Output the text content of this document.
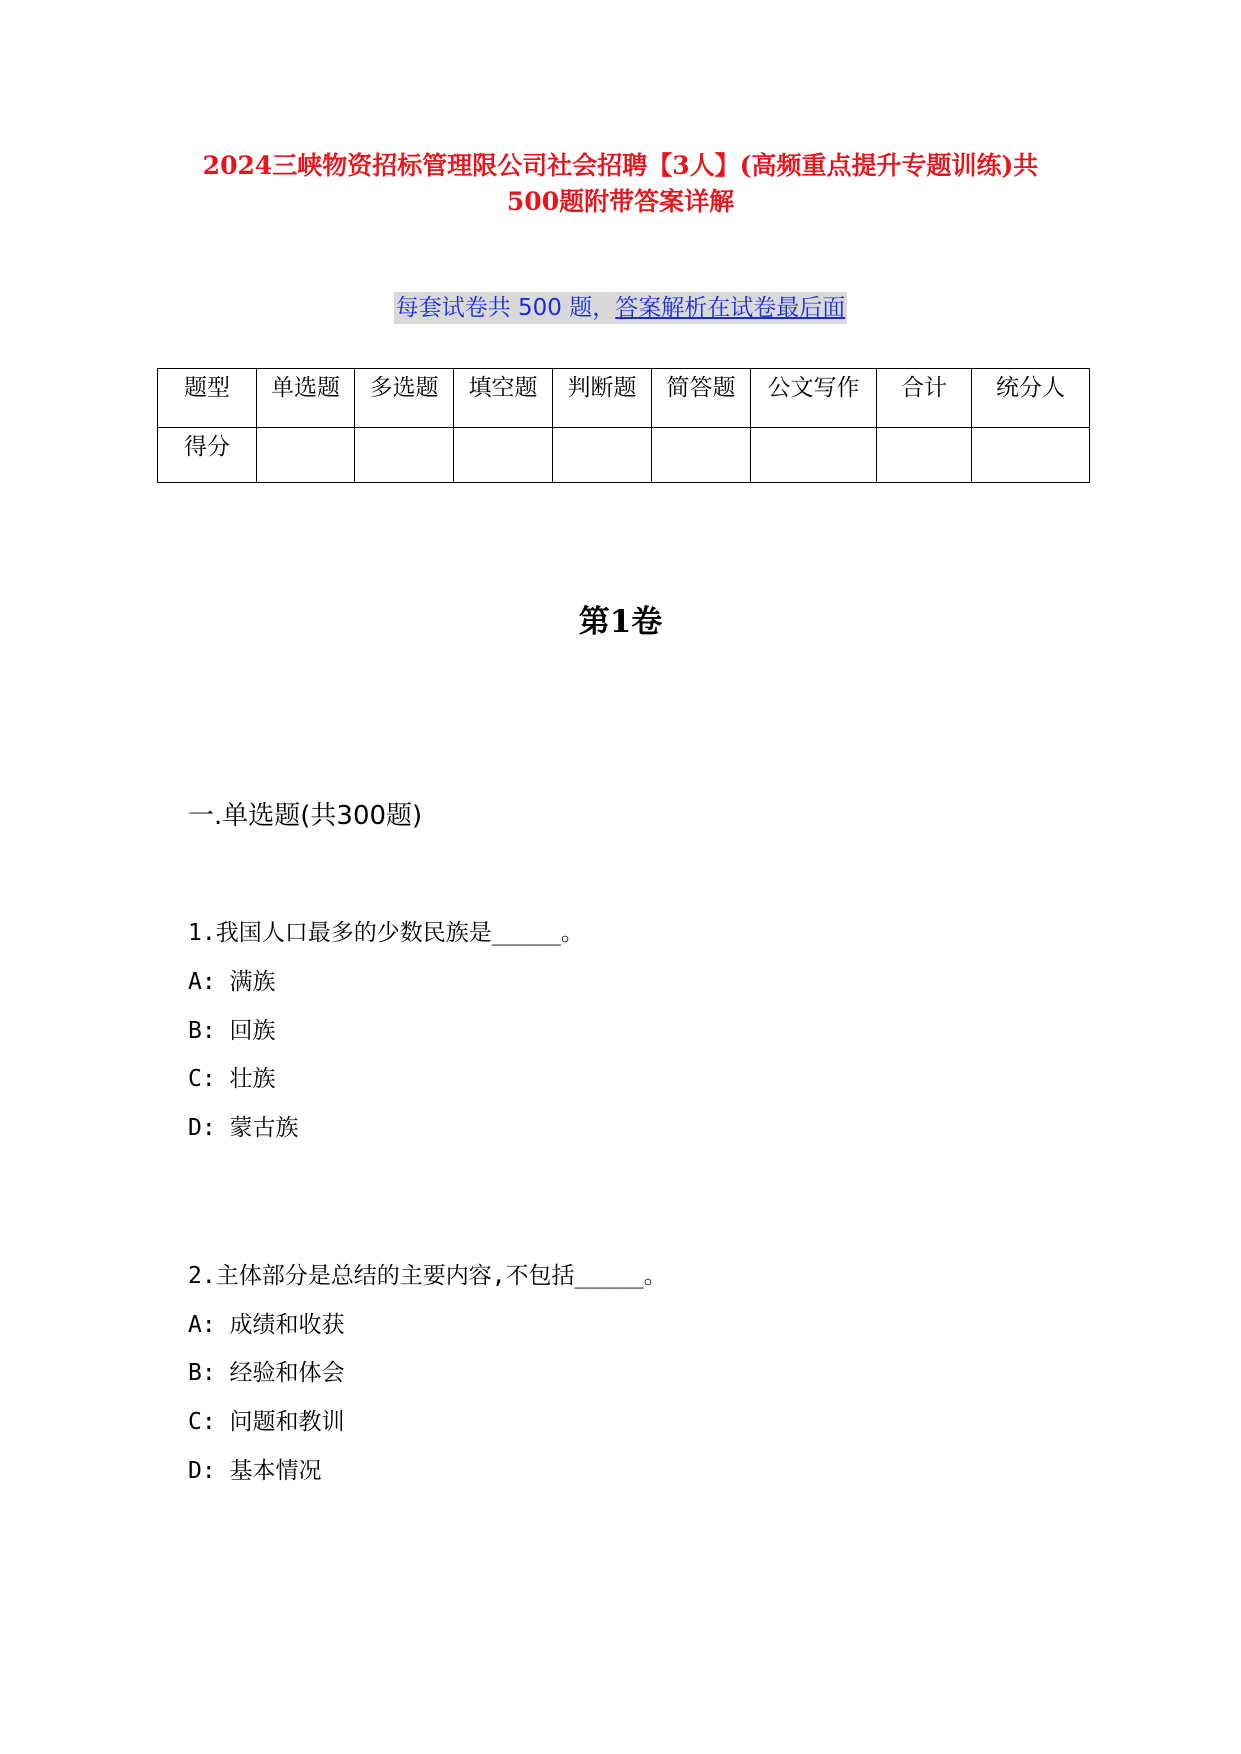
2024三峡物资招标管理限公司社会招聘【3人】(高频重点提升专题训练)共
500题附带答案详解
每套试卷共 500 题，答案解析在试卷最后面
题型	单选题	多选题	填空题	判断题	简答题	公文写作	合计	统分人
得分								
第1卷
一.单选题(共300题)
1.我国人口最多的少数民族是_____。
A: 满族
B: 回族
C: 壮族
D: 蒙古族
2.主体部分是总结的主要内容,不包括_____。
A: 成绩和收获
B: 经验和体会
C: 问题和教训
D: 基本情况
